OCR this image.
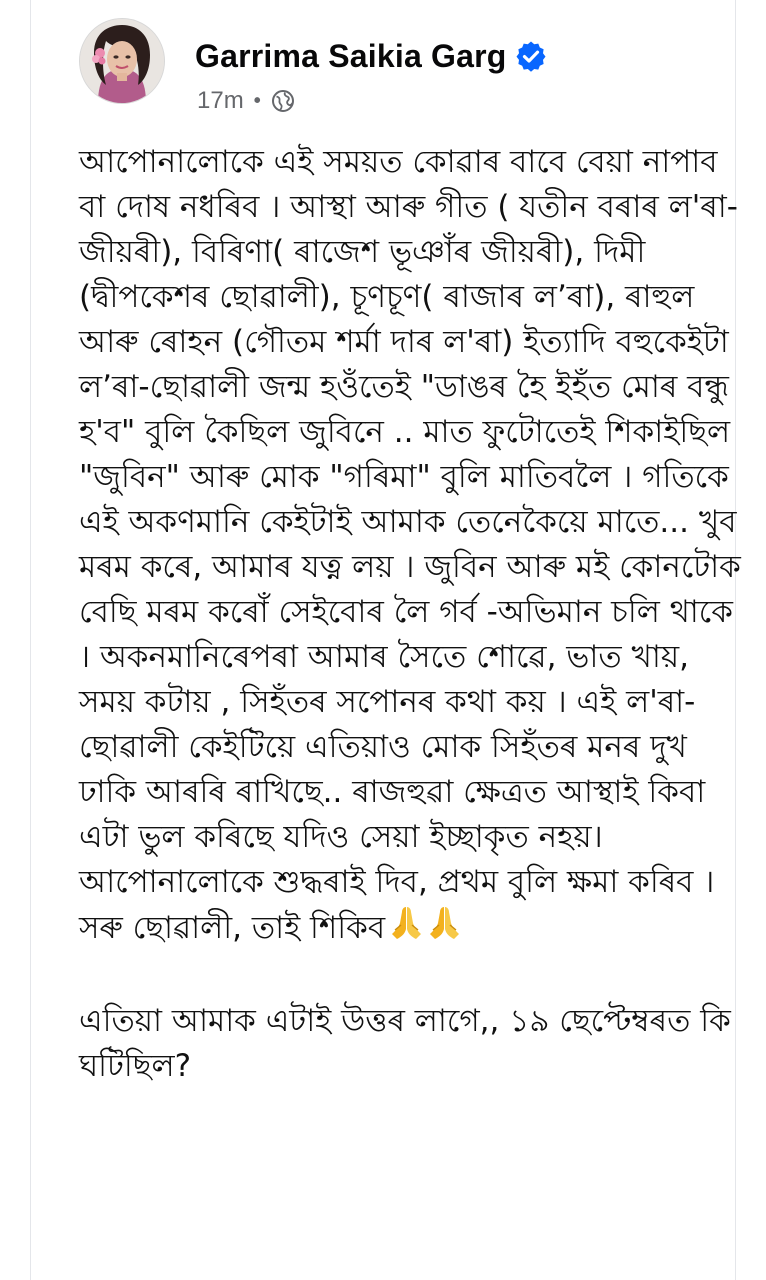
Garrima Saikia Garg
17m •

আপোনালোকে এই সময়ত কোৱাৰ বাবে বেয়া নাপাব বা দোষ নধৰিব । আস্থা আৰু গীত ( যতীন বৰাৰ ল'ৰা- জীয়ৰী), বিৰিণা( ৰাজেশ ভূঞাঁৰ জীয়ৰী), দিমী (দ্বীপকেশৰ ছোৱালী), চূণচূণ( ৰাজাৰ ল’ৰা), ৰাহুল আৰু ৰোহন (গৌতম শৰ্মা দাৰ ল'ৰা) ইত্যাদি বহুকেইটা ল’ৰা-ছোৱালী জন্ম হওঁতেই "ডাঙৰ হৈ ইহঁত মোৰ বন্ধু হ'ব" বুলি কৈছিল জুবিনে .. মাত ফুটোতেই শিকাইছিল "জুবিন" আৰু মোক "গৰিমা" বুলি মাতিবলৈ । গতিকে এই অকণমানি কেইটাই আমাক তেনেকৈয়ে মাতে... খুব মৰম কৰে, আমাৰ যত্ন লয় । জুবিন আৰু মই কোনটোক বেছি মৰম কৰোঁ সেইবোৰ লৈ গৰ্ব -অভিমান চলি থাকে । অকনমানিৰেপৰা আমাৰ সৈতে শোৱে, ভাত খায়, সময় কটায় , সিহঁতৰ সপোনৰ কথা কয় । এই ল'ৰা- ছোৱালী কেইটিয়ে এতিয়াও মোক সিহঁতৰ মনৰ দুখ ঢাকি আৰৰি ৰাখিছে.. ৰাজহুৱা ক্ষেত্ৰত আস্থাই কিবা এটা ভুল কৰিছে যদিও সেয়া ইচ্ছাকৃত নহয়। আপোনালোকে শুদ্ধৰাই দিব, প্ৰথম বুলি ক্ষমা কৰিব । সৰু ছোৱালী, তাই শিকিব

এতিয়া আমাক এটাই উত্তৰ লাগে,, ১৯ ছেপ্টেম্বৰত কি ঘটিছিল?
